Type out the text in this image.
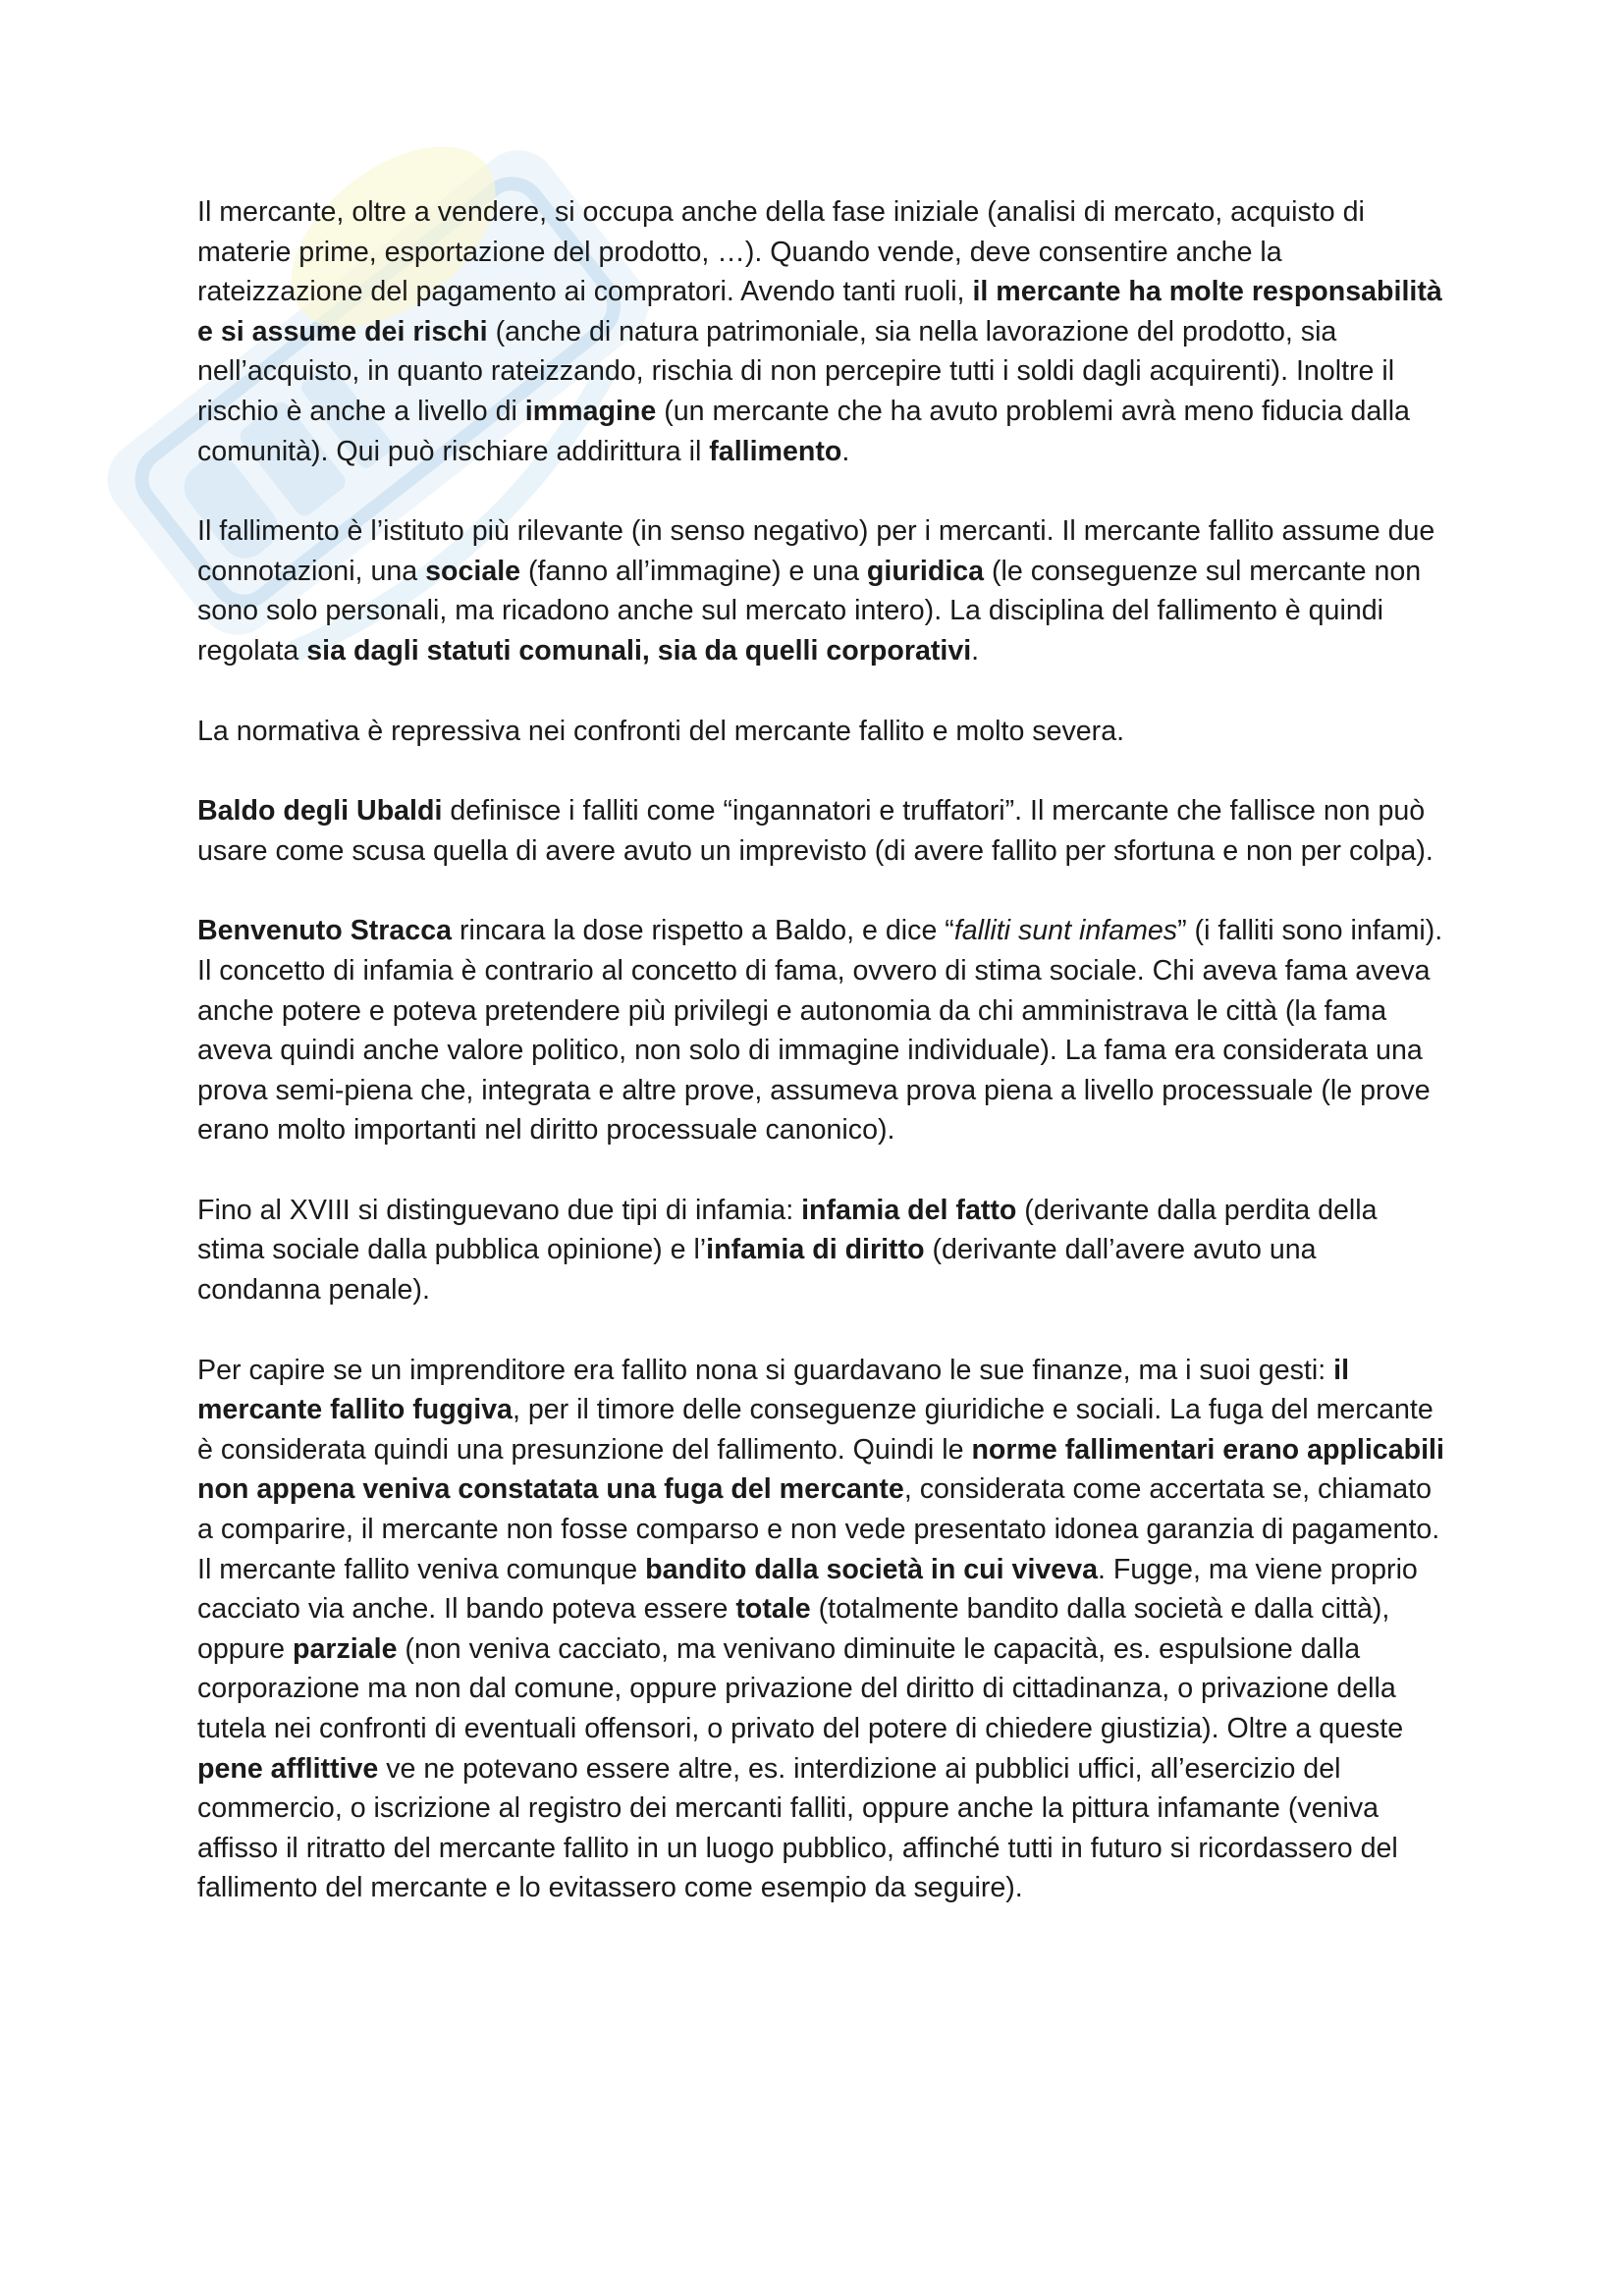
Il mercante, oltre a vendere, si occupa anche della fase iniziale (analisi di mercato, acquisto di materie prime, esportazione del prodotto, …). Quando vende, deve consentire anche la rateizzazione del pagamento ai compratori. Avendo tanti ruoli, il mercante ha molte responsabilità e si assume dei rischi (anche di natura patrimoniale, sia nella lavorazione del prodotto, sia nell’acquisto, in quanto rateizzando, rischia di non percepire tutti i soldi dagli acquirenti). Inoltre il rischio è anche a livello di immagine (un mercante che ha avuto problemi avrà meno fiducia dalla comunità). Qui può rischiare addirittura il fallimento.

Il fallimento è l’istituto più rilevante (in senso negativo) per i mercanti. Il mercante fallito assume due connotazioni, una sociale (fanno all’immagine) e una giuridica (le conseguenze sul mercante non sono solo personali, ma ricadono anche sul mercato intero). La disciplina del fallimento è quindi regolata sia dagli statuti comunali, sia da quelli corporativi.

La normativa è repressiva nei confronti del mercante fallito e molto severa.

Baldo degli Ubaldi definisce i falliti come “ingannatori e truffatori”. Il mercante che fallisce non può usare come scusa quella di avere avuto un imprevisto (di avere fallito per sfortuna e non per colpa).

Benvenuto Stracca rincara la dose rispetto a Baldo, e dice “falliti sunt infames” (i falliti sono infami). Il concetto di infamia è contrario al concetto di fama, ovvero di stima sociale. Chi aveva fama aveva anche potere e poteva pretendere più privilegi e autonomia da chi amministrava le città (la fama aveva quindi anche valore politico, non solo di immagine individuale). La fama era considerata una prova semi-piena che, integrata e altre prove, assumeva prova piena a livello processuale (le prove erano molto importanti nel diritto processuale canonico).

Fino al XVIII si distinguevano due tipi di infamia: infamia del fatto (derivante dalla perdita della stima sociale dalla pubblica opinione) e l’infamia di diritto (derivante dall’avere avuto una condanna penale).

Per capire se un imprenditore era fallito nona si guardavano le sue finanze, ma i suoi gesti: il mercante fallito fuggiva, per il timore delle conseguenze giuridiche e sociali. La fuga del mercante è considerata quindi una presunzione del fallimento. Quindi le norme fallimentari erano applicabili non appena veniva constatata una fuga del mercante, considerata come accertata se, chiamato a comparire, il mercante non fosse comparso e non vede presentato idonea garanzia di pagamento. Il mercante fallito veniva comunque bandito dalla società in cui viveva. Fugge, ma viene proprio cacciato via anche. Il bando poteva essere totale (totalmente bandito dalla società e dalla città), oppure parziale (non veniva cacciato, ma venivano diminuite le capacità, es. espulsione dalla corporazione ma non dal comune, oppure privazione del diritto di cittadinanza, o privazione della tutela nei confronti di eventuali offensori, o privato del potere di chiedere giustizia). Oltre a queste pene afflittive ve ne potevano essere altre, es. interdizione ai pubblici uffici, all’esercizio del commercio, o iscrizione al registro dei mercanti falliti, oppure anche la pittura infamante (veniva affisso il ritratto del mercante fallito in un luogo pubblico, affinché tutti in futuro si ricordassero del fallimento del mercante e lo evitassero come esempio da seguire).
